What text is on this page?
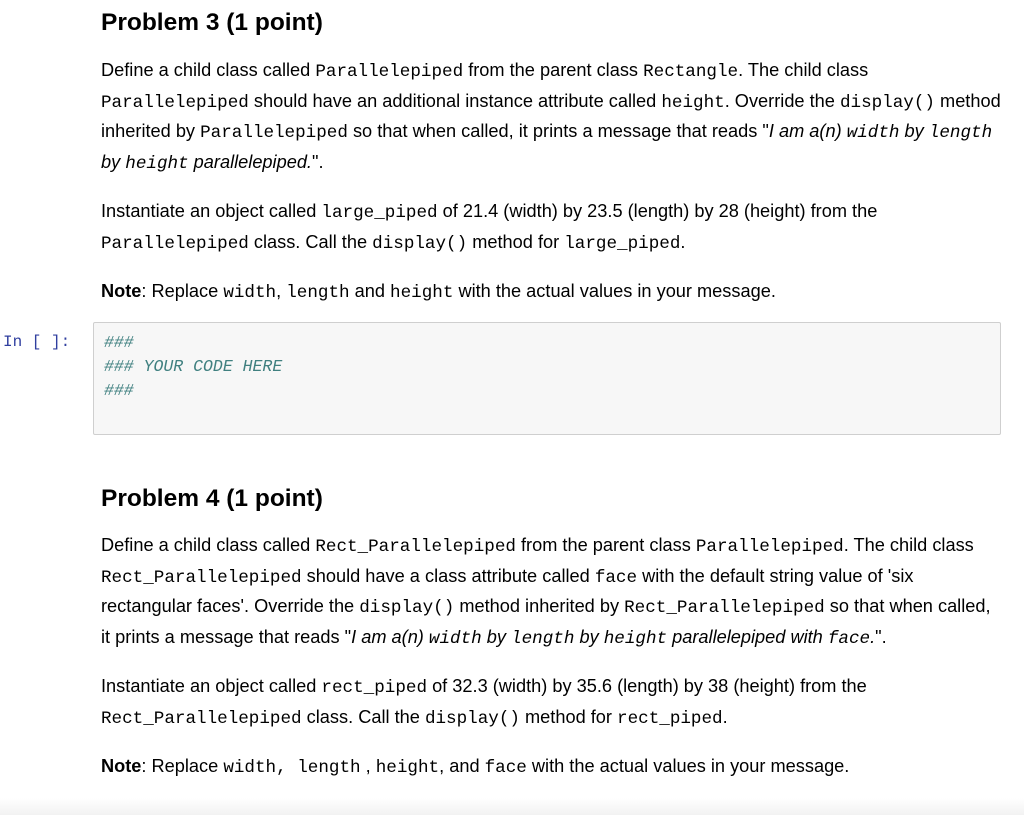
Problem 3 (1 point)

Define a child class called Parallelepiped from the parent class Rectangle. The child class Parallelepiped should have an additional instance attribute called height. Override the display() method inherited by Parallelepiped so that when called, it prints a message that reads "I am a(n) width by length by height parallelepiped.".

Instantiate an object called large_piped of 21.4 (width) by 23.5 (length) by 28 (height) from the Parallelepiped class. Call the display() method for large_piped.

Note: Replace width, length and height with the actual values in your message.

In [ ]: ###
### YOUR CODE HERE
###
Problem 4 (1 point)

Define a child class called Rect_Parallelepiped from the parent class Parallelepiped. The child class Rect_Parallelepiped should have a class attribute called face with the default string value of 'six rectangular faces'. Override the display() method inherited by Rect_Parallelepiped so that when called, it prints a message that reads "I am a(n) width by length by height parallelepiped with face.".

Instantiate an object called rect_piped of 32.3 (width) by 35.6 (length) by 38 (height) from the Rect_Parallelepiped class. Call the display() method for rect_piped.

Note: Replace width, length , height, and face with the actual values in your message.
